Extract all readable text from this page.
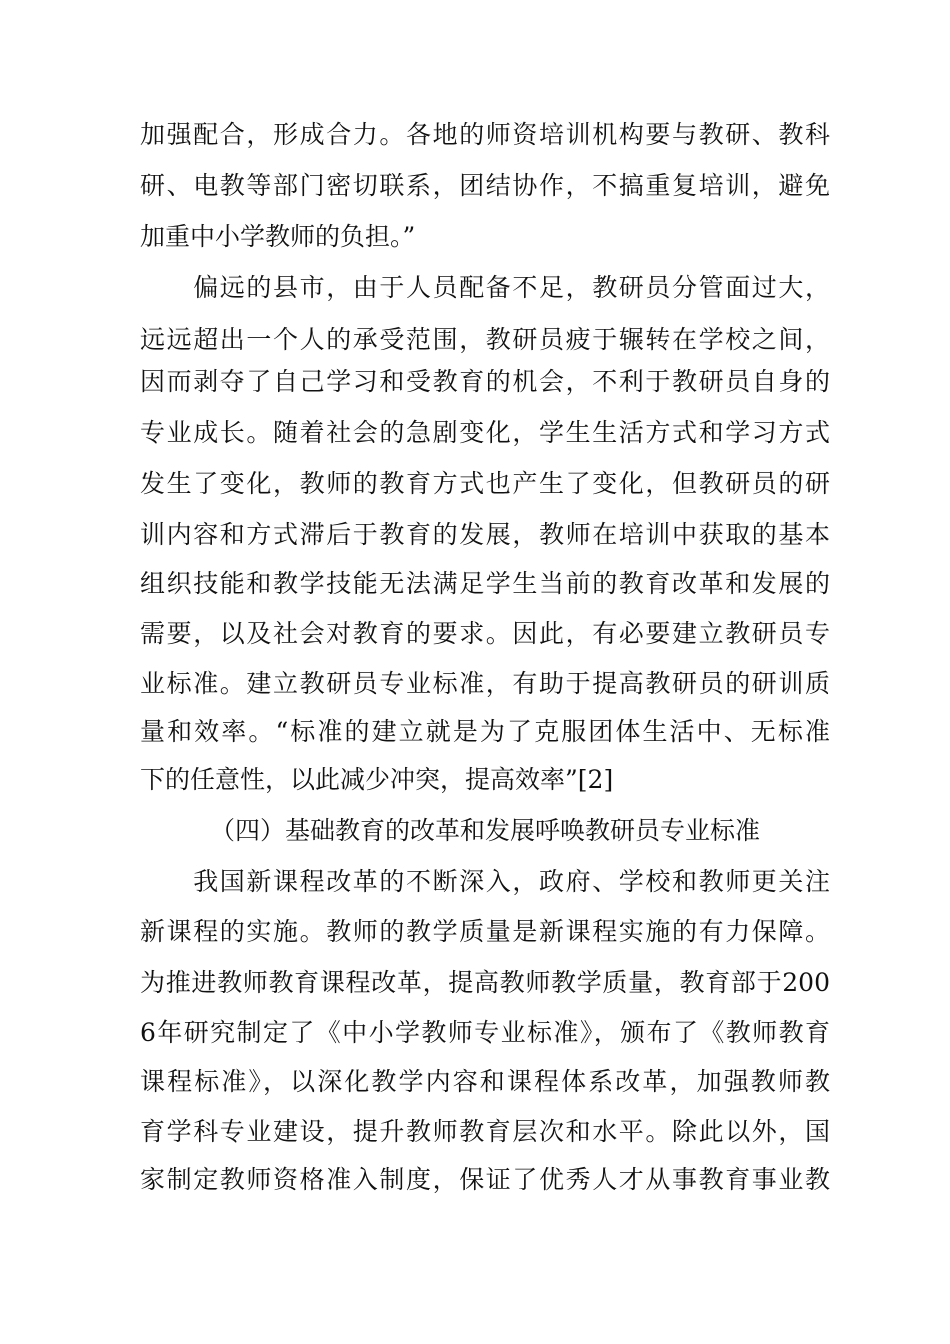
加强配合，形成合力。各地的师资培训机构要与教研、教科
研、电教等部门密切联系，团结协作，不搞重复培训，避免
加重中小学教师的负担。”
　　偏远的县市，由于人员配备不足，教研员分管面过大，
远远超出一个人的承受范围，教研员疲于辗转在学校之间，
因而剥夺了自己学习和受教育的机会，不利于教研员自身的
专业成长。随着社会的急剧变化，学生生活方式和学习方式
发生了变化，教师的教育方式也产生了变化，但教研员的研
训内容和方式滞后于教育的发展，教师在培训中获取的基本
组织技能和教学技能无法满足学生当前的教育改革和发展的
需要，以及社会对教育的要求。因此，有必要建立教研员专
业标准。建立教研员专业标准，有助于提高教研员的研训质
量和效率。“标准的建立就是为了克服团体生活中、无标准
下的任意性，以此减少冲突，提高效率”[2]
（四）基础教育的改革和发展呼唤教研员专业标准
　　我国新课程改革的不断深入，政府、学校和教师更关注
新课程的实施。教师的教学质量是新课程实施的有力保障。
为推进教师教育课程改革，提高教师教学质量，教育部于200
6年研究制定了《中小学教师专业标准》，颁布了《教师教育
课程标准》，以深化教学内容和课程体系改革，加强教师教
育学科专业建设，提升教师教育层次和水平。除此以外，国
家制定教师资格准入制度，保证了优秀人才从事教育事业教
